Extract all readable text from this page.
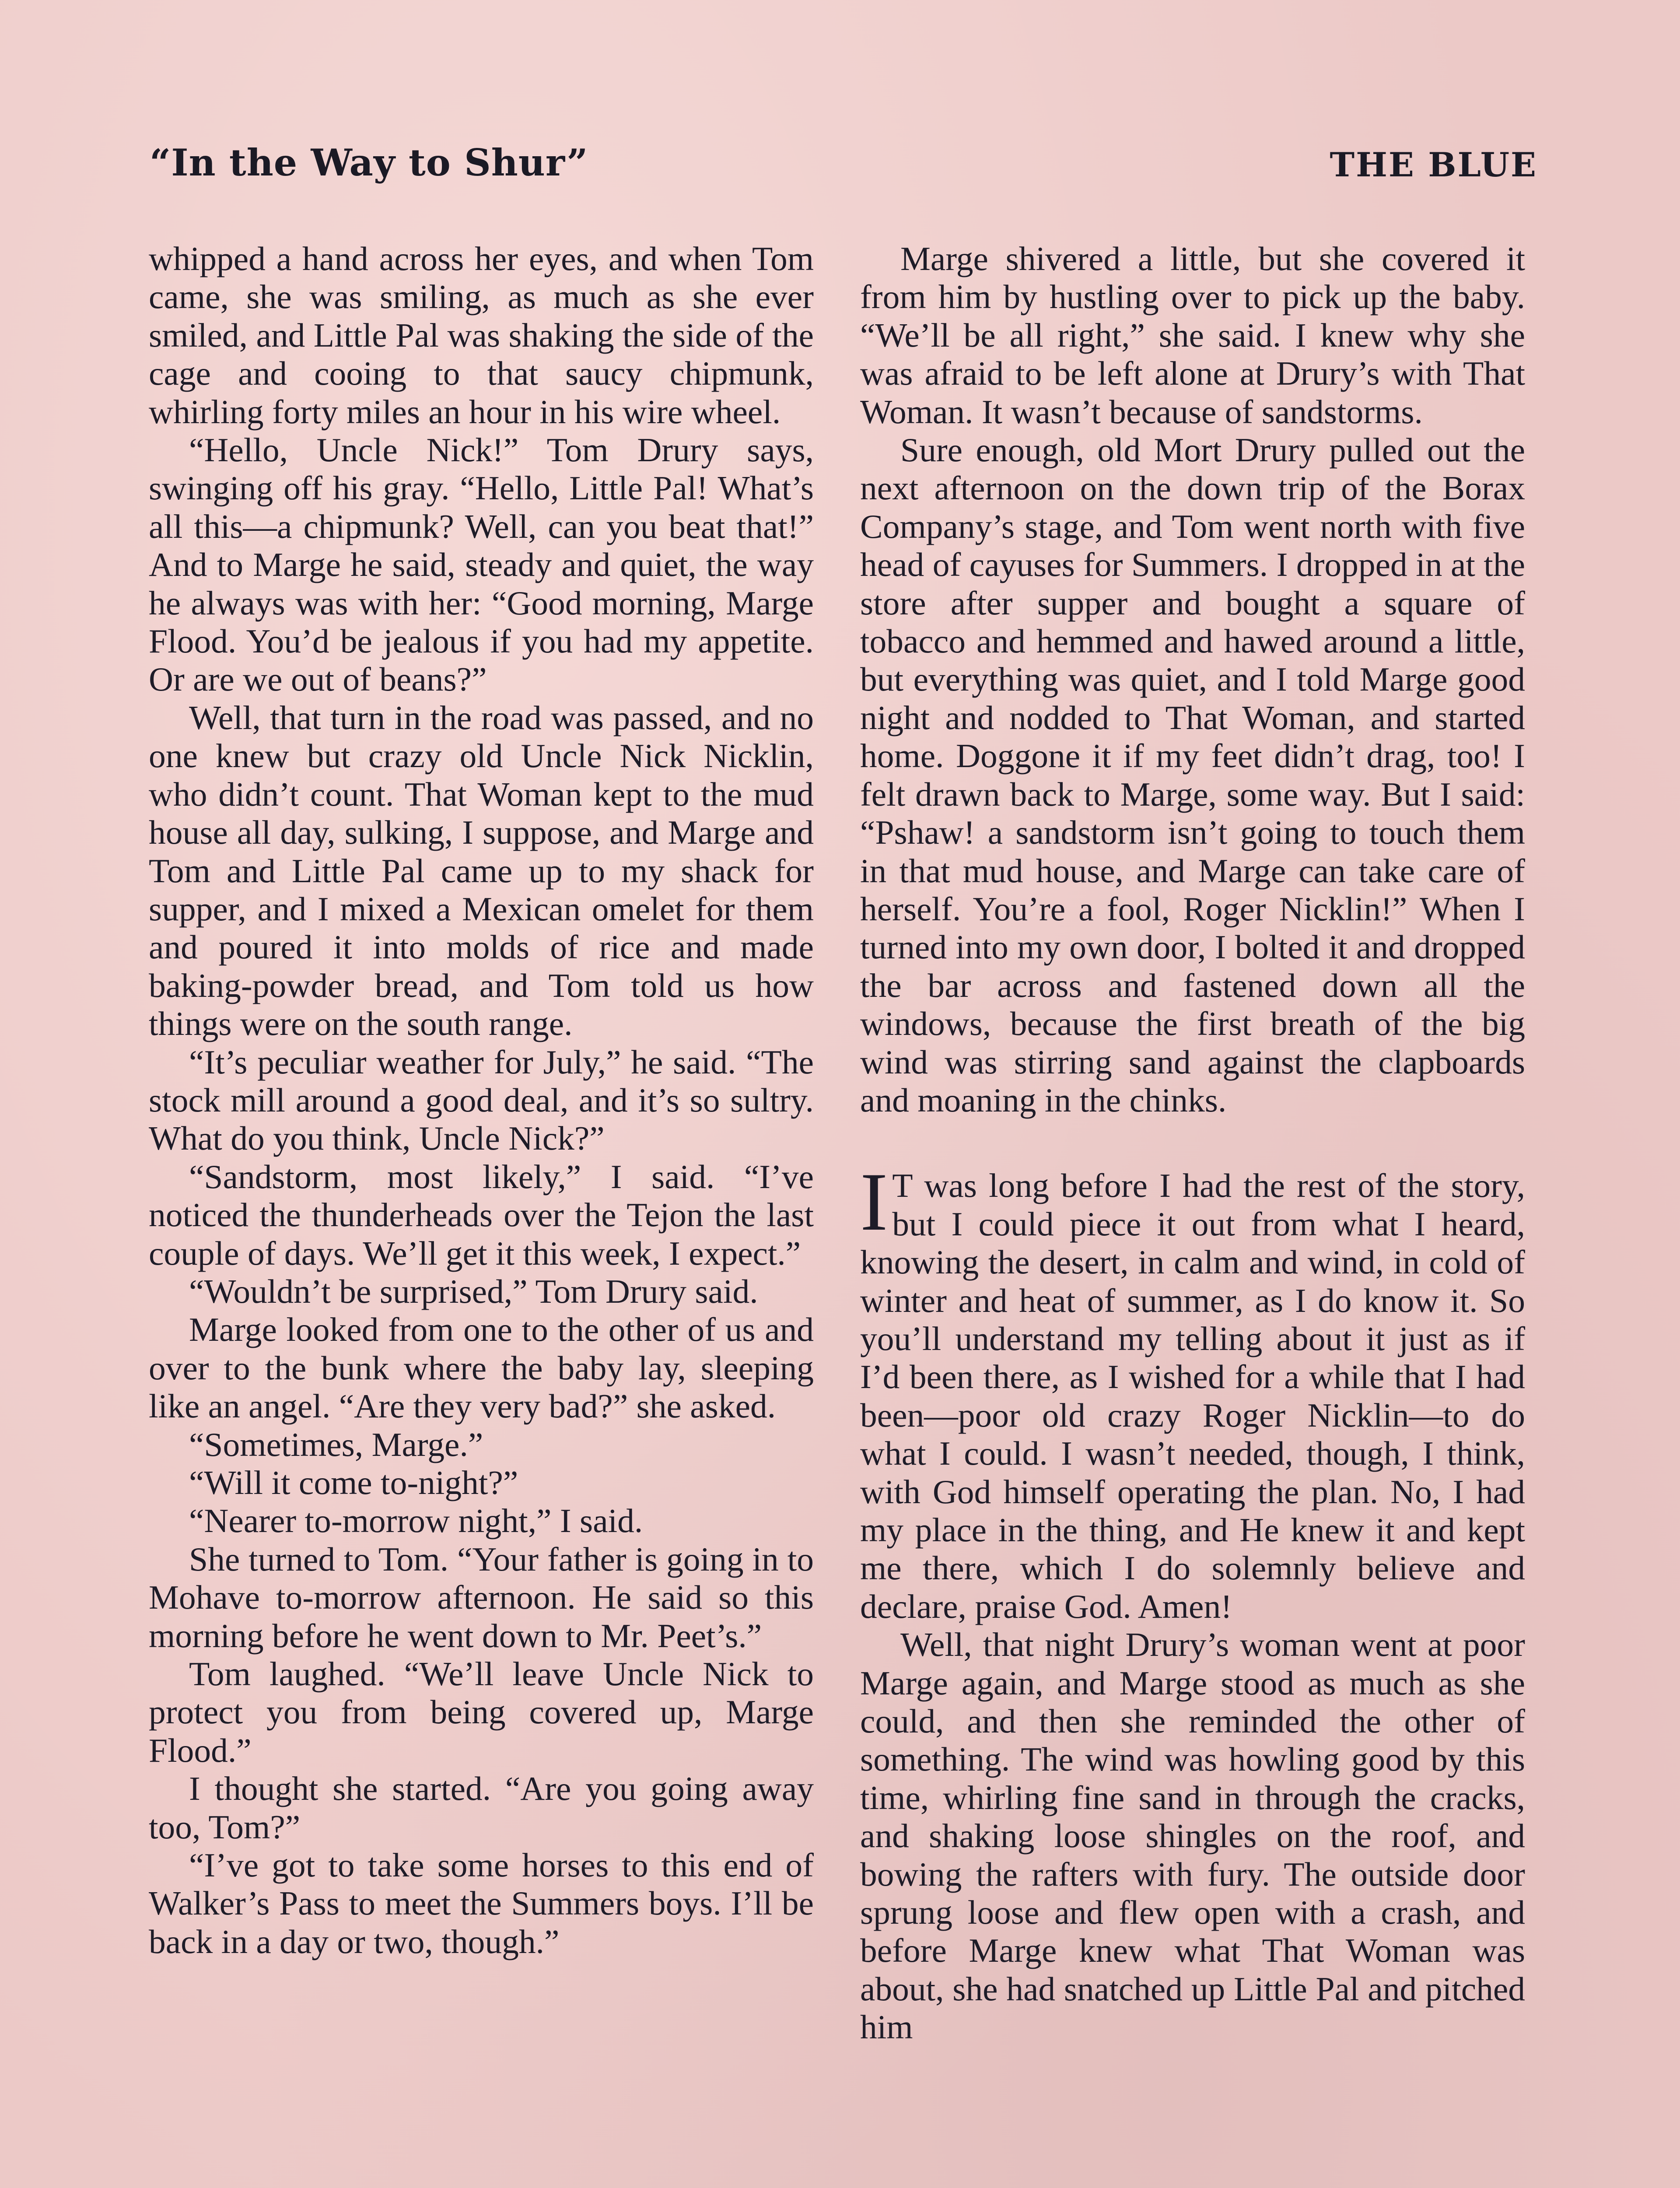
“In the Way to Shur”	THE BLUE

whipped a hand across her eyes, and when Tom came, she was smiling, as much as she ever smiled, and Little Pal was shaking the side of the cage and cooing to that saucy chipmunk, whirling forty miles an hour in his wire wheel.

“Hello, Uncle Nick!” Tom Drury says, swinging off his gray. “Hello, Little Pal! What’s all this—a chipmunk? Well, can you beat that!” And to Marge he said, steady and quiet, the way he always was with her: “Good morning, Marge Flood. You’d be jealous if you had my appetite. Or are we out of beans?”

Well, that turn in the road was passed, and no one knew but crazy old Uncle Nick Nicklin, who didn’t count. That Woman kept to the mud house all day, sulking, I suppose, and Marge and Tom and Little Pal came up to my shack for supper, and I mixed a Mexican omelet for them and poured it into molds of rice and made baking-powder bread, and Tom told us how things were on the south range.

“It’s peculiar weather for July,” he said. “The stock mill around a good deal, and it’s so sultry. What do you think, Uncle Nick?”

“Sandstorm, most likely,” I said. “I’ve noticed the thunderheads over the Tejon the last couple of days. We’ll get it this week, I expect.”

“Wouldn’t be surprised,” Tom Drury said.

Marge looked from one to the other of us and over to the bunk where the baby lay, sleeping like an angel. “Are they very bad?” she asked.

“Sometimes, Marge.”

“Will it come to-night?”

“Nearer to-morrow night,” I said.

She turned to Tom. “Your father is going in to Mohave to-morrow afternoon. He said so this morning before he went down to Mr. Peet’s.”

Tom laughed. “We’ll leave Uncle Nick to protect you from being covered up, Marge Flood.”

I thought she started. “Are you going away too, Tom?”

“I’ve got to take some horses to this end of Walker’s Pass to meet the Summers boys. I’ll be back in a day or two, though.”

Marge shivered a little, but she covered it from him by hustling over to pick up the baby. “We’ll be all right,” she said. I knew why she was afraid to be left alone at Drury’s with That Woman. It wasn’t because of sandstorms.

Sure enough, old Mort Drury pulled out the next afternoon on the down trip of the Borax Company’s stage, and Tom went north with five head of cayuses for Summers. I dropped in at the store after supper and bought a square of tobacco and hemmed and hawed around a little, but everything was quiet, and I told Marge good night and nodded to That Woman, and started home. Doggone it if my feet didn’t drag, too! I felt drawn back to Marge, some way. But I said: “Pshaw! a sandstorm isn’t going to touch them in that mud house, and Marge can take care of herself. You’re a fool, Roger Nicklin!” When I turned into my own door, I bolted it and dropped the bar across and fastened down all the windows, because the first breath of the big wind was stirring sand against the clapboards and moaning in the chinks.

I T was long before I had the rest of the story, but I could piece it out from what I heard, knowing the desert, in calm and wind, in cold of winter and heat of summer, as I do know it. So you’ll understand my telling about it just as if I’d been there, as I wished for a while that I had been—poor old crazy Roger Nicklin—to do what I could. I wasn’t needed, though, I think, with God himself operating the plan. No, I had my place in the thing, and He knew it and kept me there, which I do solemnly believe and declare, praise God. Amen!

Well, that night Drury’s woman went at poor Marge again, and Marge stood as much as she could, and then she reminded the other of something. The wind was howling good by this time, whirling fine sand in through the cracks, and shaking loose shingles on the roof, and bowing the rafters with fury. The outside door sprung loose and flew open with a crash, and before Marge knew what That Woman was about, she had snatched up Little Pal and pitched him
